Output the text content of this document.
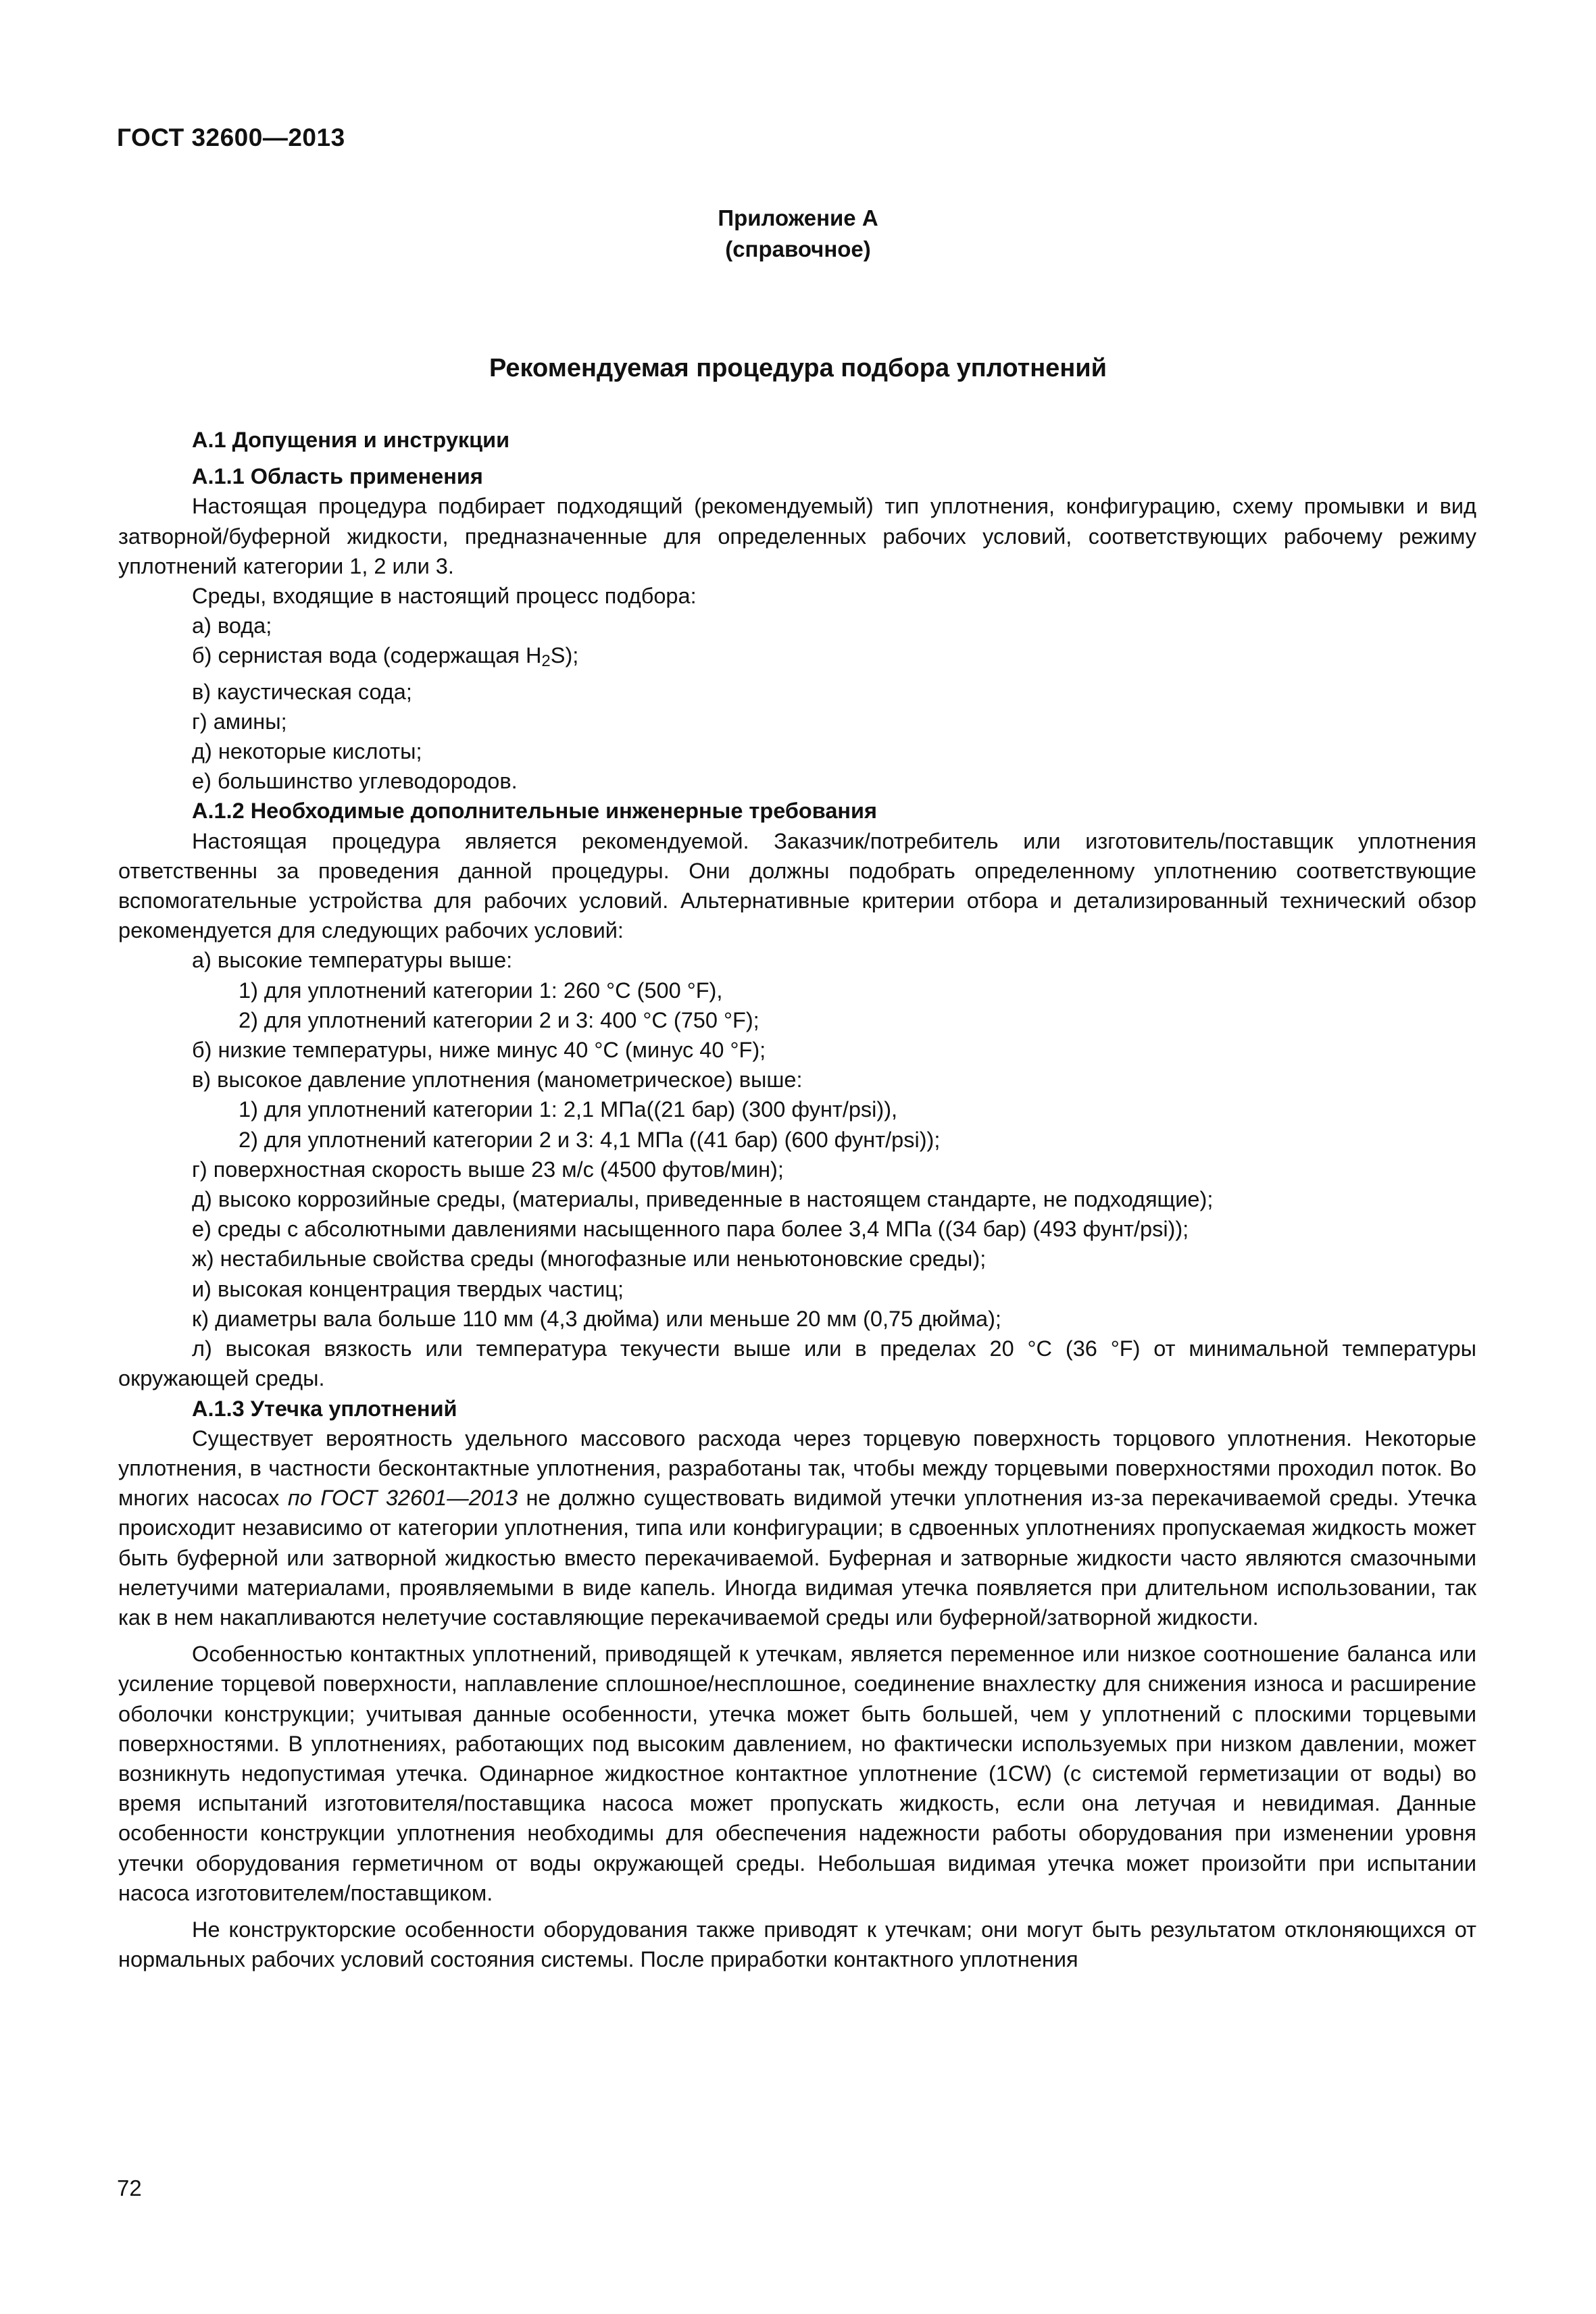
ГОСТ 32600—2013
Приложение А
(справочное)
Рекомендуемая процедура подбора уплотнений
А.1 Допущения и инструкции
А.1.1 Область применения
Настоящая процедура подбирает подходящий (рекомендуемый) тип уплотнения, конфигурацию, схему промывки и вид затворной/буферной жидкости, предназначенные для определенных рабочих условий, соответствующих рабочему режиму уплотнений категории 1, 2 или 3.
Среды, входящие в настоящий процесс подбора:
а) вода;
б) сернистая вода (содержащая $H_2S$);
в) каустическая сода;
г) амины;
д) некоторые кислоты;
е) большинство углеводородов.
А.1.2 Необходимые дополнительные инженерные требования
Настоящая процедура является рекомендуемой. Заказчик/потребитель или изготовитель/поставщик уплотнения ответственны за проведения данной процедуры. Они должны подобрать определенному уплотнению соответствующие вспомогательные устройства для рабочих условий. Альтернативные критерии отбора и детализированный технический обзор рекомендуется для следующих рабочих условий:
а) высокие температуры выше:
1) для уплотнений категории 1: 260 °С (500 °F),
2) для уплотнений категории 2 и 3: 400 °С (750 °F);
б) низкие температуры, ниже минус 40 °С (минус 40 °F);
в) высокое давление уплотнения (манометрическое) выше:
1) для уплотнений категории 1: 2,1 МПа((21 бар) (300 фунт/psi)),
2) для уплотнений категории 2 и 3: 4,1 МПа ((41 бар) (600 фунт/psi));
г) поверхностная скорость выше 23 м/с (4500 футов/мин);
д) высоко коррозийные среды, (материалы, приведенные в настоящем стандарте, не подходящие);
е) среды с абсолютными давлениями насыщенного пара более 3,4 МПа ((34 бар) (493 фунт/psi));
ж) нестабильные свойства среды (многофазные или неньютоновские среды);
и) высокая концентрация твердых частиц;
к) диаметры вала больше 110 мм (4,3 дюйма) или меньше 20 мм (0,75 дюйма);
л) высокая вязкость или температура текучести выше или в пределах 20 °С (36 °F) от минимальной температуры окружающей среды.
А.1.3 Утечка уплотнений
Существует вероятность удельного массового расхода через торцевую поверхность торцового уплотнения. Некоторые уплотнения, в частности бесконтактные уплотнения, разработаны так, чтобы между торцевыми поверхностями проходил поток. Во многих насосах по ГОСТ 32601—2013 не должно существовать видимой утечки уплотнения из-за перекачиваемой среды. Утечка происходит независимо от категории уплотнения, типа или конфигурации; в сдвоенных уплотнениях пропускаемая жидкость может быть буферной или затворной жидкостью вместо перекачиваемой. Буферная и затворные жидкости часто являются смазочными нелетучими материалами, проявляемыми в виде капель. Иногда видимая утечка появляется при длительном использовании, так как в нем накапливаются нелетучие составляющие перекачиваемой среды или буферной/затворной жидкости.
Особенностью контактных уплотнений, приводящей к утечкам, является переменное или низкое соотношение баланса или усиление торцевой поверхности, наплавление сплошное/несплошное, соединение внахлестку для снижения износа и расширение оболочки конструкции; учитывая данные особенности, утечка может быть большей, чем у уплотнений с плоскими торцевыми поверхностями. В уплотнениях, работающих под высоким давлением, но фактически используемых при низком давлении, может возникнуть недопустимая утечка. Одинарное жидкостное контактное уплотнение (1CW) (с системой герметизации от воды) во время испытаний изготовителя/поставщика насоса может пропускать жидкость, если она летучая и невидимая. Данные особенности конструкции уплотнения необходимы для обеспечения надежности работы оборудования при изменении уровня утечки оборудования герметичном от воды окружающей среды. Небольшая видимая утечка может произойти при испытании насоса изготовителем/поставщиком.
Не конструкторские особенности оборудования также приводят к утечкам; они могут быть результатом отклоняющихся от нормальных рабочих условий состояния системы. После приработки контактного уплотнения
72
